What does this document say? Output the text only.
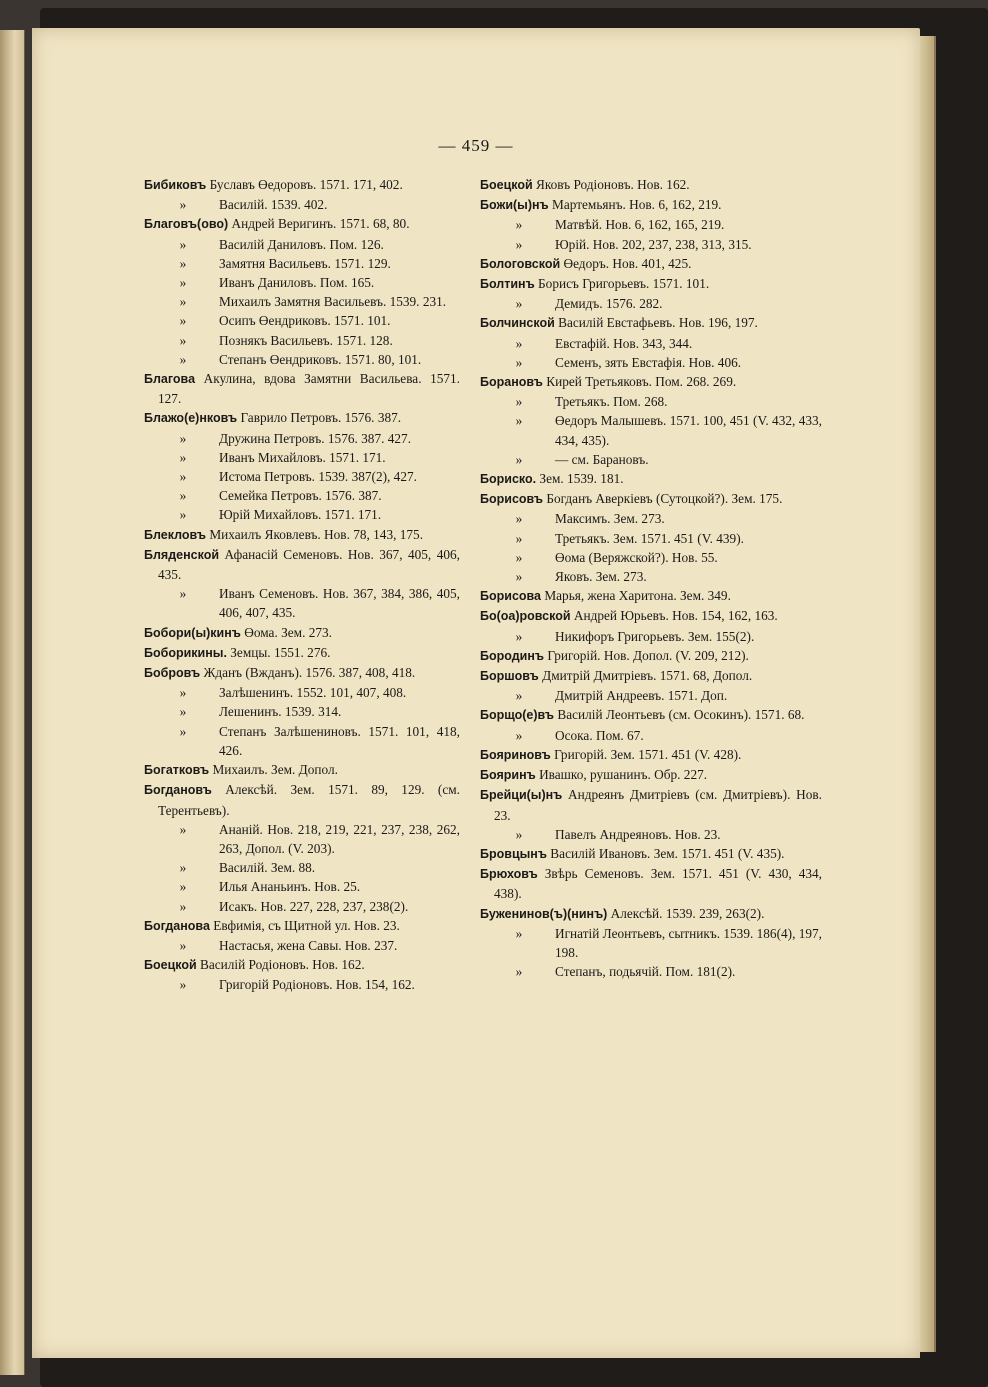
— 459 —
Бибиковъ Буславъ Өедоровъ. 1571. 171, 402.
» Василій. 1539. 402.
Благовъ(ово) Андрей Веригинъ. 1571. 68, 80.
» Василій Даниловъ. Пом. 126.
» Замятня Васильевъ. 1571. 129.
» Иванъ Даниловъ. Пом. 165.
» Михаилъ Замятня Васильевъ. 1539. 231.
» Осипъ Өендриковъ. 1571. 101.
» Познякъ Васильевъ. 1571. 128.
» Степанъ Өендриковъ. 1571. 80, 101.
Благова Акулина, вдова Замятни Васильева. 1571. 127.
Блажо(е)нковъ Гаврило Петровъ. 1576. 387.
» Дружина Петровъ. 1576. 387. 427.
» Иванъ Михайловъ. 1571. 171.
» Истома Петровъ. 1539. 387(2), 427.
» Семейка Петровъ. 1576. 387.
» Юрій Михайловъ. 1571. 171.
Блекловъ Михаилъ Яковлевъ. Нов. 78, 143, 175.
Бляденской Афанасій Семеновъ. Нов. 367, 405, 406, 435.
» Иванъ Семеновъ. Нов. 367, 384, 386, 405, 406, 407, 435.
Бобори(ы)кинъ Өома. Зем. 273.
Боборикины. Земцы. 1551. 276.
Бобровъ Жданъ (Вжданъ). 1576. 387, 408, 418.
» Залѣшенинъ. 1552. 101, 407, 408.
» Лешенинъ. 1539. 314.
» Степанъ Залѣшениновъ. 1571. 101, 418, 426.
Богатковъ Михаилъ. Зем. Допол.
Богдановъ Алексѣй. Зем. 1571. 89, 129. (см. Терентьевъ).
» Ананій. Нов. 218, 219, 221, 237, 238, 262, 263, Допол. (V. 203).
» Василій. Зем. 88.
» Илья Ананьинъ. Нов. 25.
» Исакъ. Нов. 227, 228, 237, 238(2).
Богданова Евфимія, съ Щитной ул. Нов. 23.
» Настасья, жена Савы. Нов. 237.
Боецкой Василій Родіоновъ. Нов. 162.
» Григорій Родіоновъ. Нов. 154, 162.
Боецкой Яковъ Родіоновъ. Нов. 162.
Божи(ы)нъ Мартемьянъ. Нов. 6, 162, 219.
» Матвѣй. Нов. 6, 162, 165, 219.
» Юрій. Нов. 202, 237, 238, 313, 315.
Бологовской Өедоръ. Нов. 401, 425.
Болтинъ Борисъ Григорьевъ. 1571. 101.
» Демидъ. 1576. 282.
Болчинской Василій Евстафьевъ. Нов. 196, 197.
» Евстафій. Нов. 343, 344.
» Семенъ, зять Евстафія. Нов. 406.
Борановъ Кирей Третьяковъ. Пом. 268. 269.
» Третьякъ. Пом. 268.
» Өедоръ Малышевъ. 1571. 100, 451 (V. 432, 433, 434, 435).
» — см. Барановъ.
Бориско. Зем. 1539. 181.
Борисовъ Богданъ Аверкіевъ (Сутоцкой?). Зем. 175.
» Максимъ. Зем. 273.
» Третьякъ. Зем. 1571. 451 (V. 439).
» Өома (Веряжской?). Нов. 55.
» Яковъ. Зем. 273.
Борисова Марья, жена Харитона. Зем. 349.
Бо(оа)ровской Андрей Юрьевъ. Нов. 154, 162, 163.
» Никифоръ Григорьевъ. Зем. 155(2).
Бородинъ Григорій. Нов. Допол. (V. 209, 212).
Боршовъ Дмитрій Дмитріевъ. 1571. 68, Допол.
» Дмитрій Андреевъ. 1571. Доп.
Борщо(е)въ Василій Леонтьевъ (см. Осокинъ). 1571. 68.
» Осока. Пом. 67.
Бояриновъ Григорій. Зем. 1571. 451 (V. 428).
Бояринъ Ивашко, рушанинъ. Обр. 227.
Брейци(ы)нъ Андреянъ Дмитріевъ (см. Дмитріевъ). Нов. 23.
» Павелъ Андреяновъ. Нов. 23.
Бровцынъ Василій Ивановъ. Зем. 1571. 451 (V. 435).
Брюховъ Звѣрь Семеновъ. Зем. 1571. 451 (V. 430, 434, 438).
Буженинов(ъ)(нинъ) Алексѣй. 1539. 239, 263(2).
» Игнатій Леонтьевъ, сытникъ. 1539. 186(4), 197, 198.
» Степанъ, подьячій. Пом. 181(2).
